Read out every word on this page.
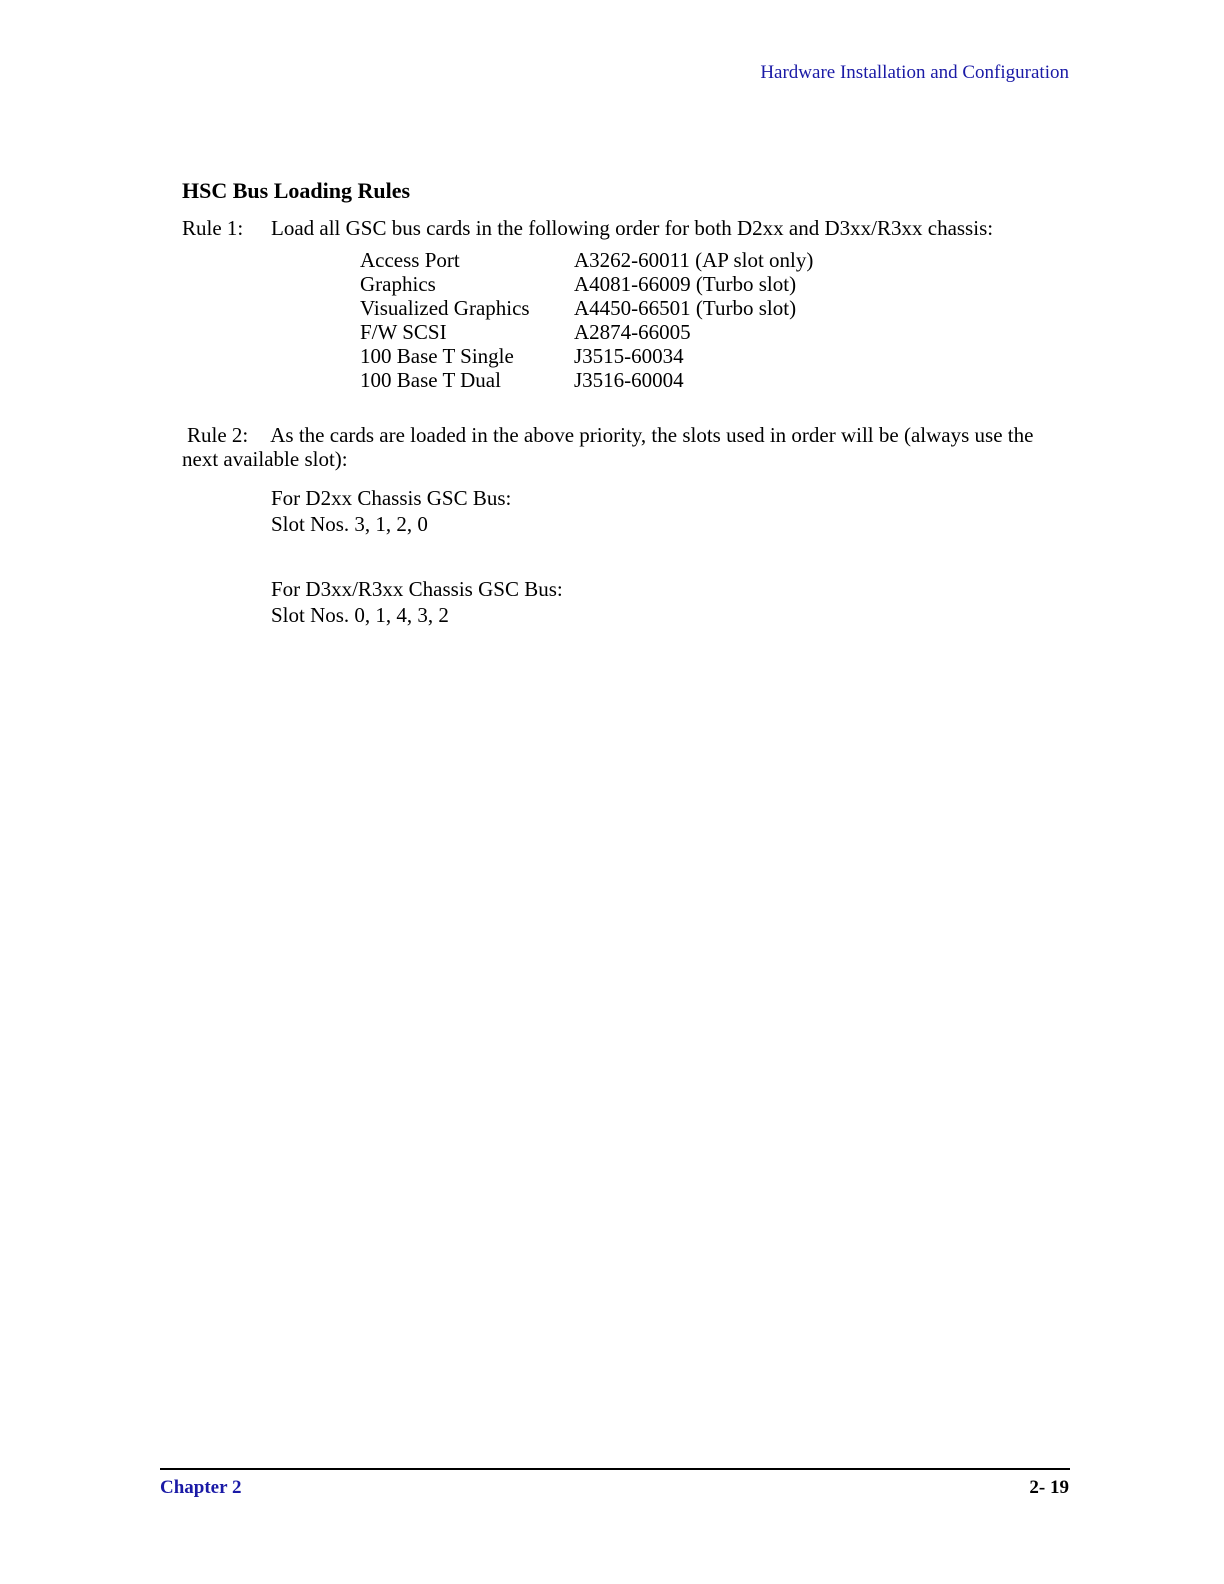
Hardware Installation and Configuration
HSC Bus Loading Rules
Rule 1: Load all GSC bus cards in the following order for both D2xx and D3xx/R3xx chassis:
Access Port	A3262-60011 (AP slot only)
Graphics	A4081-66009 (Turbo slot)
Visualized Graphics	A4450-66501 (Turbo slot)
F/W SCSI	A2874-66005
100 Base T Single	J3515-60034
100 Base T Dual	J3516-60004
Rule 2: As the cards are loaded in the above priority, the slots used in order will be (always use the next available slot):
For D2xx Chassis GSC Bus:
Slot Nos. 3, 1, 2, 0
For D3xx/R3xx Chassis GSC Bus:
Slot Nos. 0, 1, 4, 3, 2
Chapter 2	2- 19
